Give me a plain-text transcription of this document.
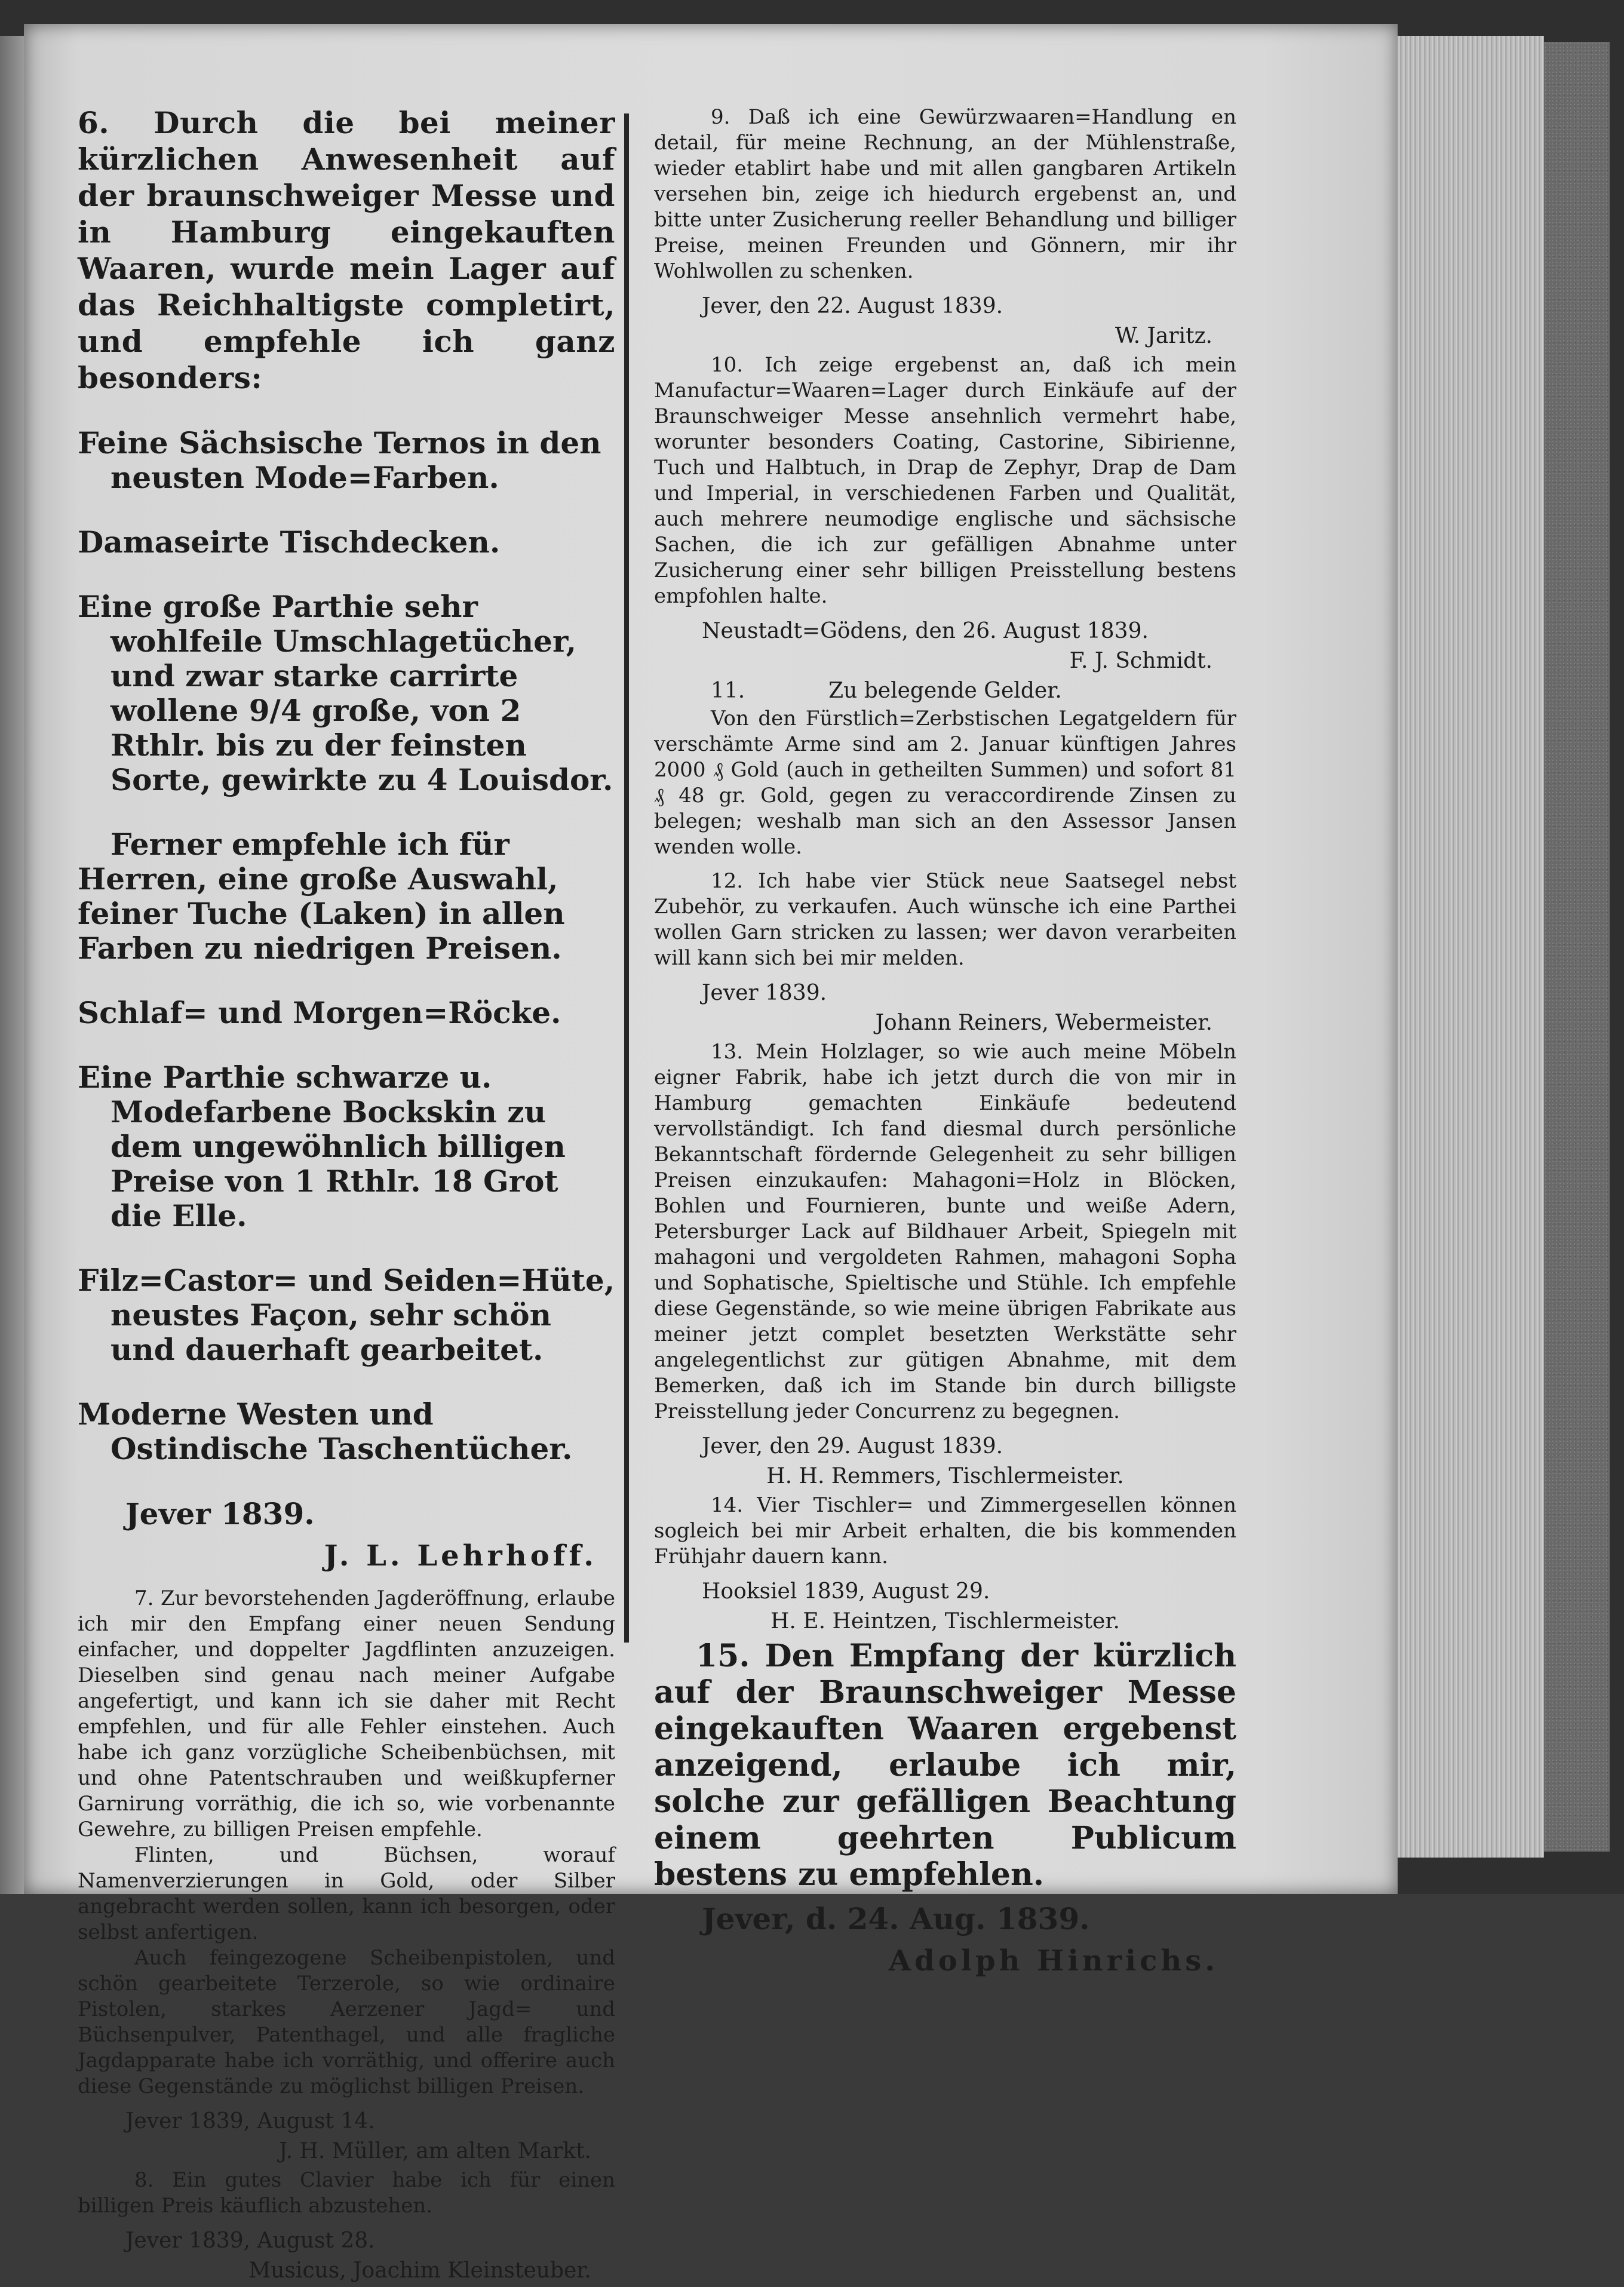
6. Durch die bei meiner kürzlichen Anwesenheit auf der braunschweiger Messe und in Hamburg eingekauften Waaren, wurde mein Lager auf das Reichhaltigste completirt, und empfehle ich ganz besonders:

Feine Sächsische Ternos in den neusten Mode=Farben.

Damaseirte Tischdecken.

Eine große Parthie sehr wohlfeile Umschlagetücher, und zwar starke carrirte wollene 9/4 große, von 2 Rthlr. bis zu der feinsten Sorte, gewirkte zu 4 Louisdor.

Ferner empfehle ich für Herren, eine große Auswahl, feiner Tuche (Laken) in allen Farben zu niedrigen Preisen.

Schlaf= und Morgen=Röcke.

Eine Parthie schwarze u. Modefarbene Bockskin zu dem ungewöhnlich billigen Preise von 1 Rthlr. 18 Grot die Elle.

Filz=Castor= und Seiden=Hüte, neustes Façon, sehr schön und dauerhaft gearbeitet.

Moderne Westen und Ostindische Taschentücher.

Jever 1839.
J. L. Lehrhoff.

7. Zur bevorstehenden Jagderöffnung, erlaube ich mir den Empfang einer neuen Sendung einfacher, und doppelter Jagdflinten anzuzeigen. Dieselben sind genau nach meiner Aufgabe angefertigt, und kann ich sie daher mit Recht empfehlen, und für alle Fehler einstehen. Auch habe ich ganz vorzügliche Scheibenbüchsen, mit und ohne Patentschrauben und weißkupferner Garnirung vorräthig, die ich so, wie vorbenannte Gewehre, zu billigen Preisen empfehle.

Flinten, und Büchsen, worauf Namenverzierungen in Gold, oder Silber angebracht werden sollen, kann ich besorgen, oder selbst anfertigen.

Auch feingezogene Scheibenpistolen, und schön gearbeitete Terzerole, so wie ordinaire Pistolen, starkes Aerzener Jagd= und Büchsenpulver, Patenthagel, und alle fragliche Jagdapparate habe ich vorräthig, und offerire auch diese Gegenstände zu möglichst billigen Preisen.

Jever 1839, August 14.
J. H. Müller, am alten Markt.

8. Ein gutes Clavier habe ich für einen billigen Preis käuflich abzustehen.

Jever 1839, August 28.
Musicus, Joachim Kleinsteuber.

9. Daß ich eine Gewürzwaaren=Handlung en detail, für meine Rechnung, an der Mühlenstraße, wieder etablirt habe und mit allen gangbaren Artikeln versehen bin, zeige ich hiedurch ergebenst an, und bitte unter Zusicherung reeller Behandlung und billiger Preise, meinen Freunden und Gönnern, mir ihr Wohlwollen zu schenken.

Jever, den 22. August 1839.
W. Jaritz.

10. Ich zeige ergebenst an, daß ich mein Manufactur=Waaren=Lager durch Einkäufe auf der Braunschweiger Messe ansehnlich vermehrt habe, worunter besonders Coating, Castorine, Sibirienne, Tuch und Halbtuch, in Drap de Zephyr, Drap de Dam und Imperial, in verschiedenen Farben und Qualität, auch mehrere neumodige englische und sächsische Sachen, die ich zur gefälligen Abnahme unter Zusicherung einer sehr billigen Preisstellung bestens empfohlen halte.

Neustadt=Gödens, den 26. August 1839.
F. J. Schmidt.
11.	Zu belegende Gelder.

Von den Fürstlich=Zerbstischen Legatgeldern für verschämte Arme sind am 2. Januar künftigen Jahres 2000 ₰ Gold (auch in getheilten Summen) und sofort 81 ₰ 48 gr. Gold, gegen zu veraccordirende Zinsen zu belegen; weshalb man sich an den Assessor Jansen wenden wolle.

12. Ich habe vier Stück neue Saatsegel nebst Zubehör, zu verkaufen. Auch wünsche ich eine Parthei wollen Garn stricken zu lassen; wer davon verarbeiten will kann sich bei mir melden.

Jever 1839.
Johann Reiners, Webermeister.

13. Mein Holzlager, so wie auch meine Möbeln eigner Fabrik, habe ich jetzt durch die von mir in Hamburg gemachten Einkäufe bedeutend vervollständigt. Ich fand diesmal durch persönliche Bekanntschaft fördernde Gelegenheit zu sehr billigen Preisen einzukaufen: Mahagoni=Holz in Blöcken, Bohlen und Fournieren, bunte und weiße Adern, Petersburger Lack auf Bildhauer Arbeit, Spiegeln mit mahagoni und vergoldeten Rahmen, mahagoni Sopha und Sophatische, Spieltische und Stühle. Ich empfehle diese Gegenstände, so wie meine übrigen Fabrikate aus meiner jetzt complet besetzten Werkstätte sehr angelegentlichst zur gütigen Abnahme, mit dem Bemerken, daß ich im Stande bin durch billigste Preisstellung jeder Concurrenz zu begegnen.

Jever, den 29. August 1839.
H. H. Remmers, Tischlermeister.

14. Vier Tischler= und Zimmergesellen können sogleich bei mir Arbeit erhalten, die bis kommenden Frühjahr dauern kann.

Hooksiel 1839, August 29.
H. E. Heintzen, Tischlermeister.

15. Den Empfang der kürzlich auf der Braunschweiger Messe eingekauften Waaren ergebenst anzeigend, erlaube ich mir, solche zur gefälligen Beachtung einem geehrten Publicum bestens zu empfehlen.

Jever, d. 24. Aug. 1839.
Adolph Hinrichs.
